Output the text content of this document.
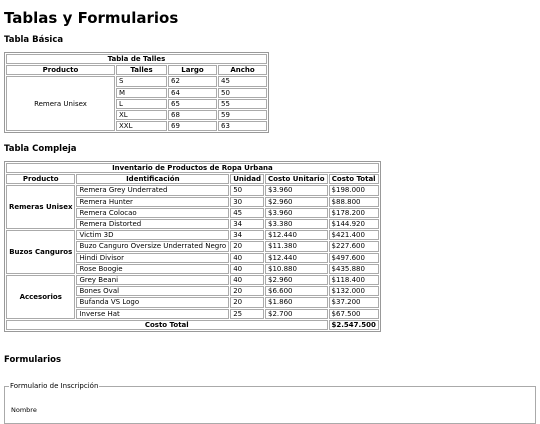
Tablas y Formularios
Tabla Básica
Tabla de Talles			
Producto	Talles	Largo	Ancho
Remera Unisex	S	62	45
	M	64	50
	L	65	55
	XL	68	59
	XXL	69	63
Tabla Compleja
Inventario de Productos de Ropa Urbana				
Producto	Identificación	Unidad	Costo Unitario	Costo Total
Remeras Unisex	Remera Grey Underrated	50	$3.960	$198.000
	Remera Hunter	30	$2.960	$88.800
	Remera Colocao	45	$3.960	$178.200
	Remera Distorted	34	$3.380	$144.920
Buzos Canguros	Victim 3D	34	$12.440	$421.400
	Buzo Canguro Oversize Underrated Negro	20	$11.380	$227.600
	Hindi Divisor	40	$12.440	$497.600
	Rose Boogie	40	$10.880	$435.880
Accesorios	Grey Beani	40	$2.960	$118.400
	Bones Oval	20	$6.600	$132.000
	Bufanda VS Logo	20	$1.860	$37.200
	Inverse Hat	25	$2.700	$67.500
Costo Total				$2.547.500
Formularios
Formulario de Inscripción
Nombre
